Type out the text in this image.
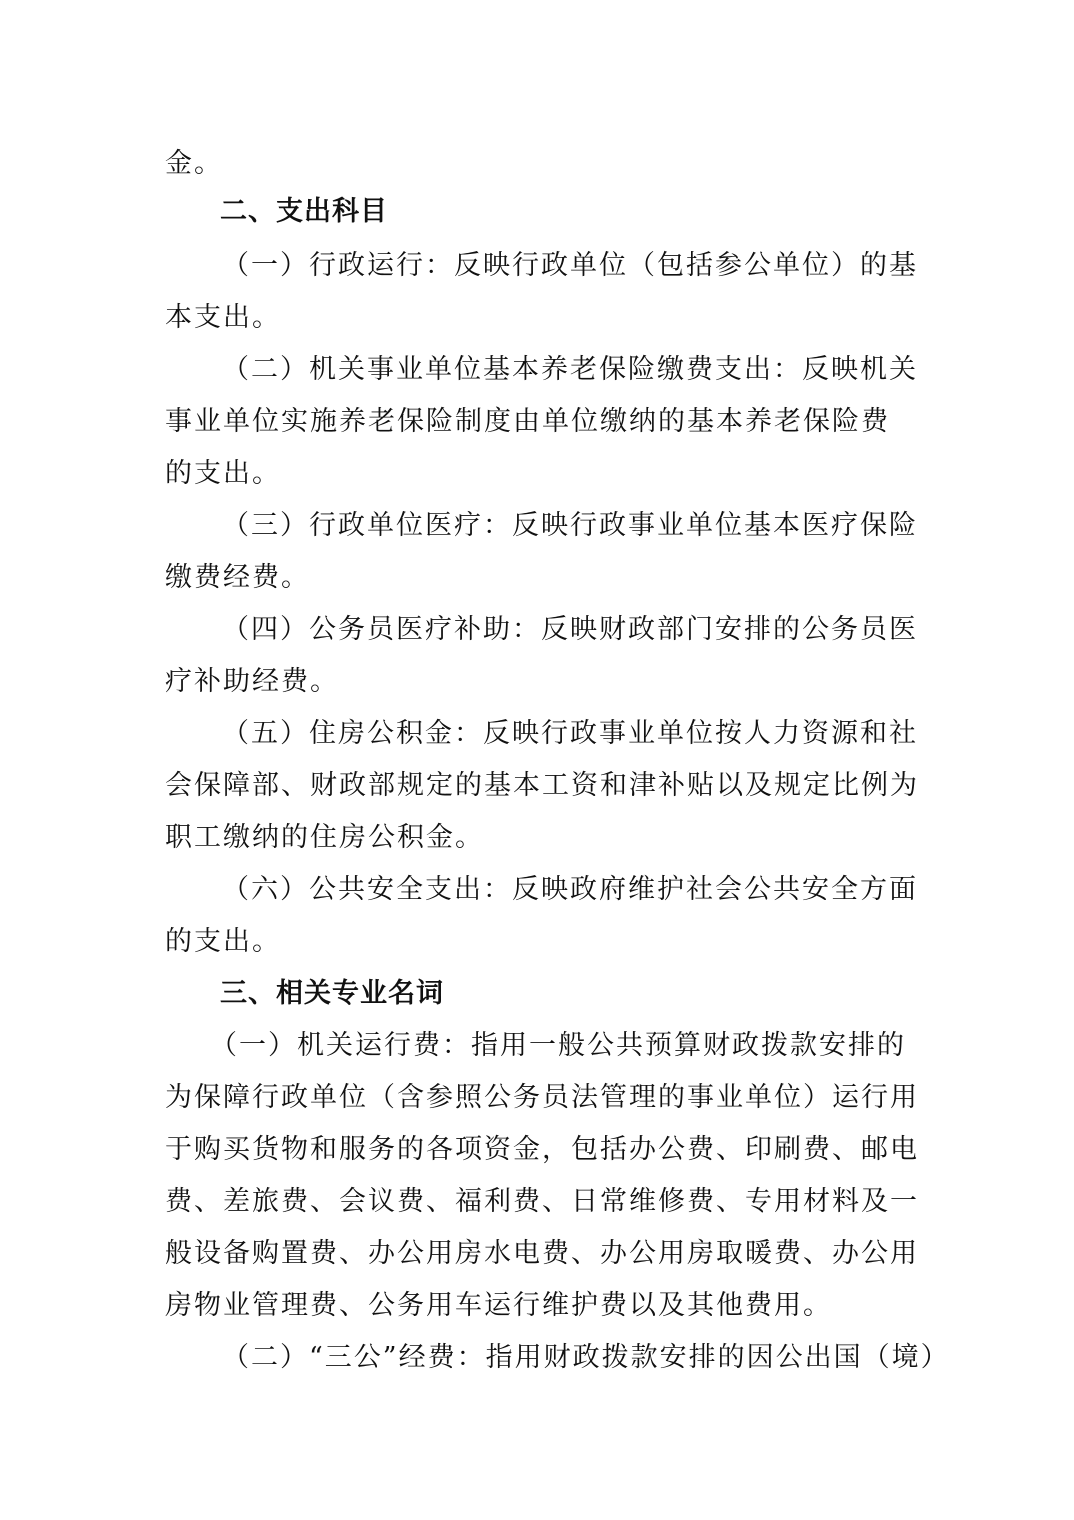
金。
二、支出科目
（一）行政运行：反映行政单位（包括参公单位）的基
本支出。
（二）机关事业单位基本养老保险缴费支出：反映机关
事业单位实施养老保险制度由单位缴纳的基本养老保险费
的支出。
（三）行政单位医疗：反映行政事业单位基本医疗保险
缴费经费。
（四）公务员医疗补助：反映财政部门安排的公务员医
疗补助经费。
（五）住房公积金：反映行政事业单位按人力资源和社
会保障部、财政部规定的基本工资和津补贴以及规定比例为
职工缴纳的住房公积金。
（六）公共安全支出：反映政府维护社会公共安全方面
的支出。
三、相关专业名词
（一）机关运行费：指用一般公共预算财政拨款安排的
为保障行政单位（含参照公务员法管理的事业单位）运行用
于购买货物和服务的各项资金，包括办公费、印刷费、邮电
费、差旅费、会议费、福利费、日常维修费、专用材料及一
般设备购置费、办公用房水电费、办公用房取暖费、办公用
房物业管理费、公务用车运行维护费以及其他费用。
（二）“三公”经费：指用财政拨款安排的因公出国（境）
